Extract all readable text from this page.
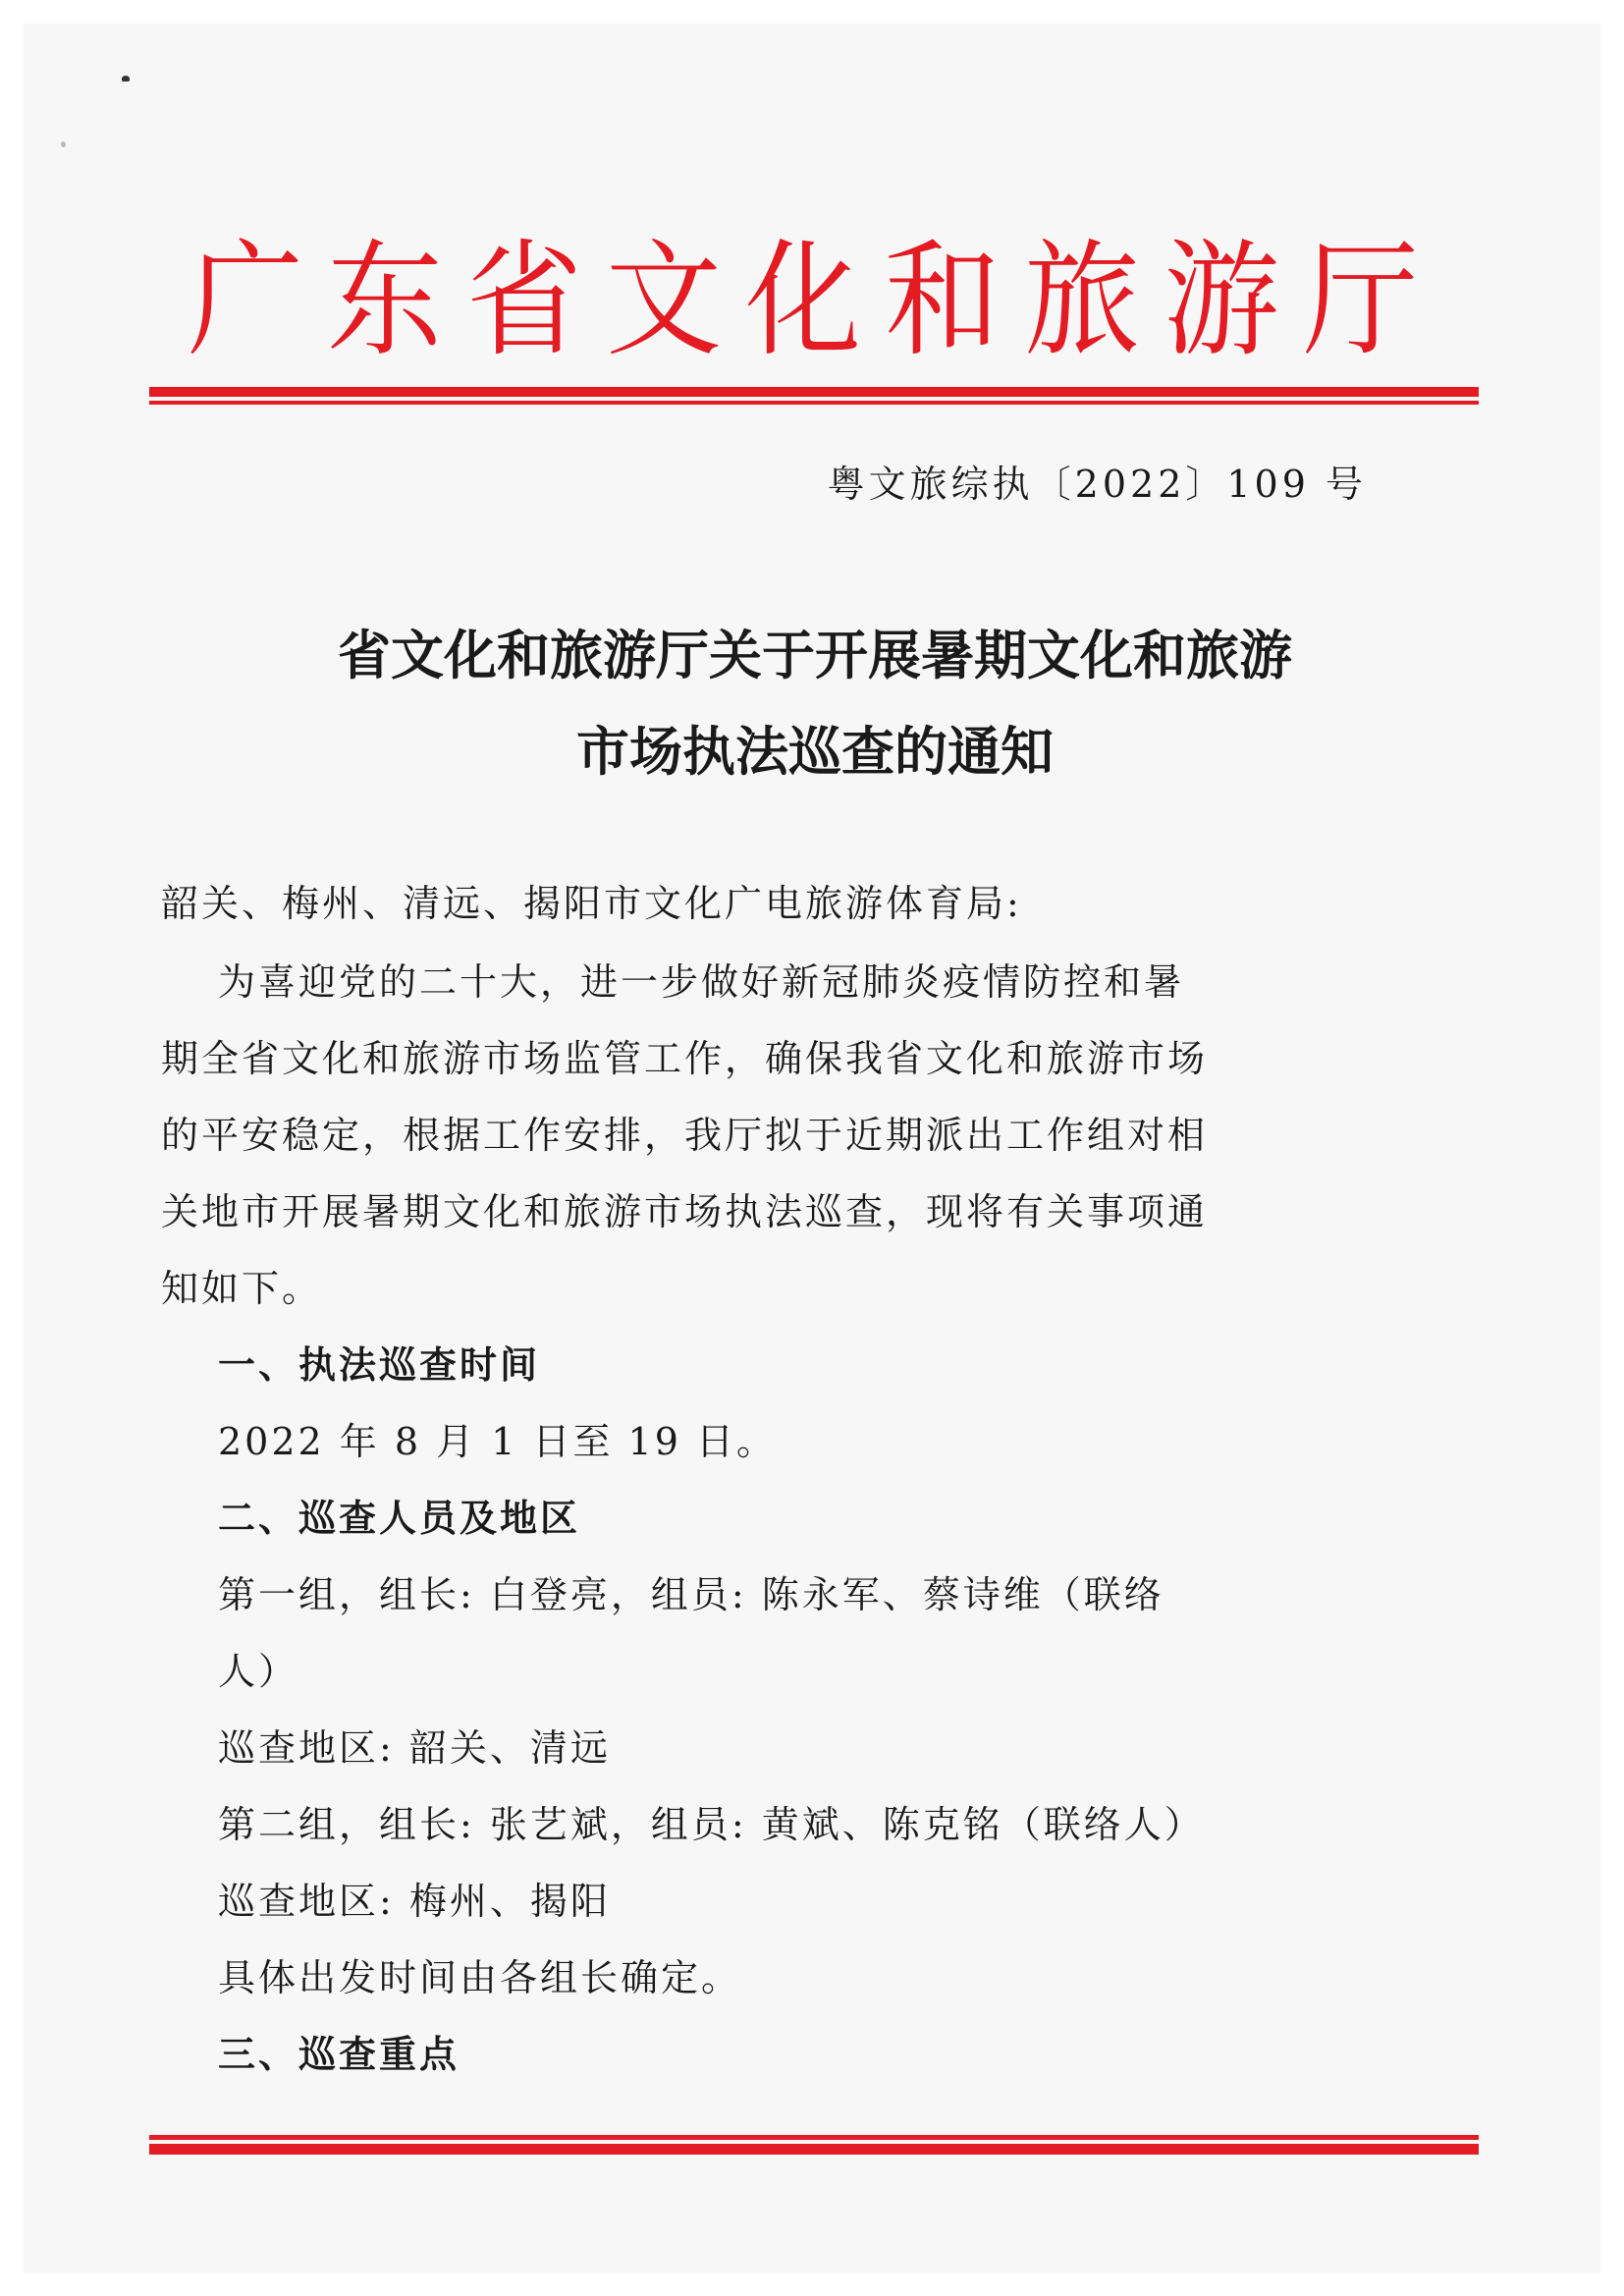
广东省文化和旅游厅
粤文旅综执〔2022〕109 号
省文化和旅游厅关于开展暑期文化和旅游
市场执法巡查的通知
韶关、梅州、清远、揭阳市文化广电旅游体育局:
为喜迎党的二十大，进一步做好新冠肺炎疫情防控和暑
期全省文化和旅游市场监管工作，确保我省文化和旅游市场
的平安稳定，根据工作安排，我厅拟于近期派出工作组对相
关地市开展暑期文化和旅游市场执法巡查，现将有关事项通
知如下。
一、执法巡查时间
2022 年 8 月 1 日至 19 日。
二、巡查人员及地区
第一组，组长: 白登亮，组员: 陈永军、蔡诗维（联络
人）
巡查地区: 韶关、清远
第二组，组长: 张艺斌，组员: 黄斌、陈克铭（联络人）
巡查地区: 梅州、揭阳
具体出发时间由各组长确定。
三、巡查重点
